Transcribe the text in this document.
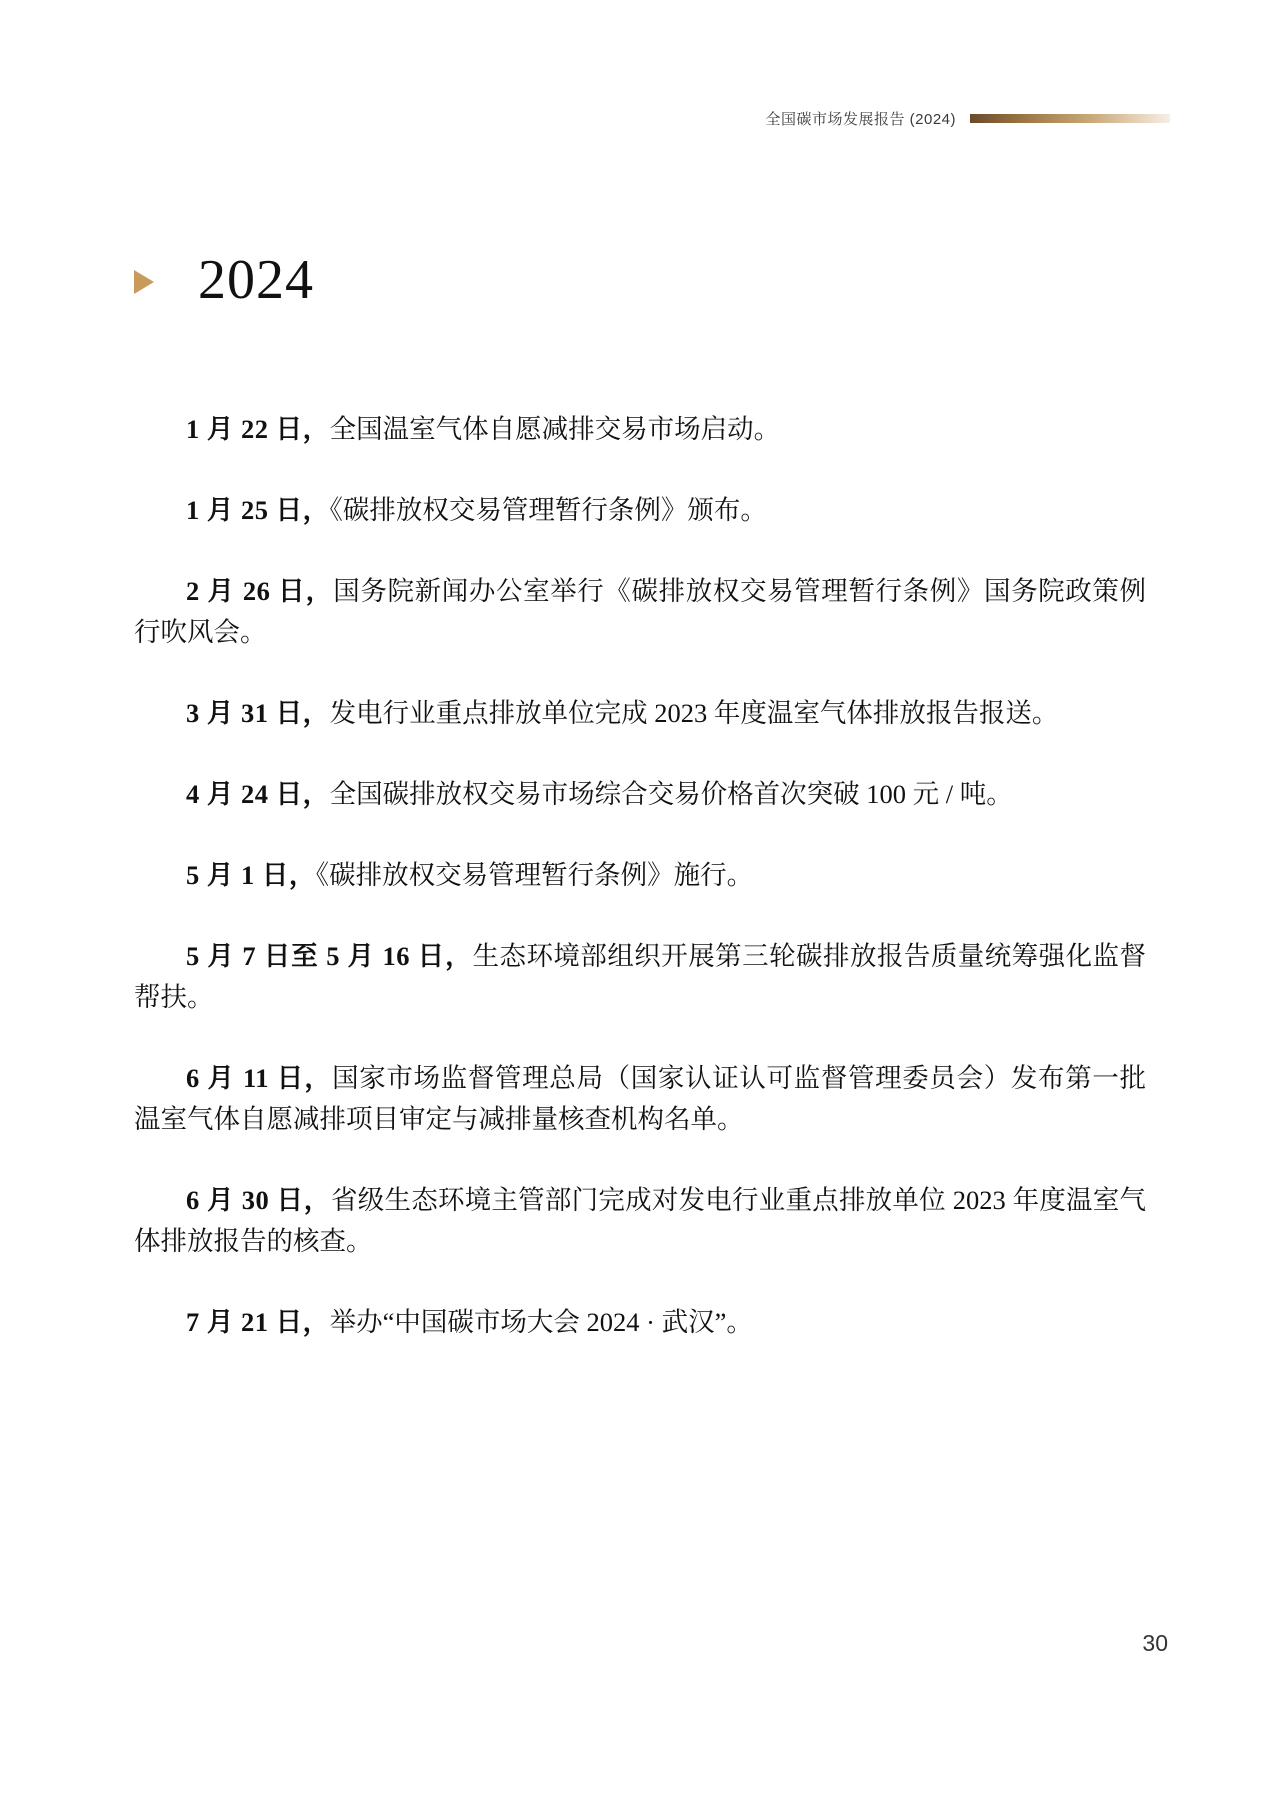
全国碳市场发展报告 (2024)
2024

1 月 22 日，全国温室气体自愿减排交易市场启动。

1 月 25 日，《碳排放权交易管理暂行条例》颁布。

2 月 26 日，国务院新闻办公室举行《碳排放权交易管理暂行条例》国务院政策例行吹风会。

3 月 31 日，发电行业重点排放单位完成 2023 年度温室气体排放报告报送。

4 月 24 日，全国碳排放权交易市场综合交易价格首次突破 100 元 / 吨。

5 月 1 日，《碳排放权交易管理暂行条例》施行。

5 月 7 日至 5 月 16 日，生态环境部组织开展第三轮碳排放报告质量统筹强化监督帮扶。

6 月 11 日，国家市场监督管理总局（国家认证认可监督管理委员会）发布第一批温室气体自愿减排项目审定与减排量核查机构名单。

6 月 30 日，省级生态环境主管部门完成对发电行业重点排放单位 2023 年度温室气体排放报告的核查。

7 月 21 日，举办“中国碳市场大会 2024 · 武汉”。

30
